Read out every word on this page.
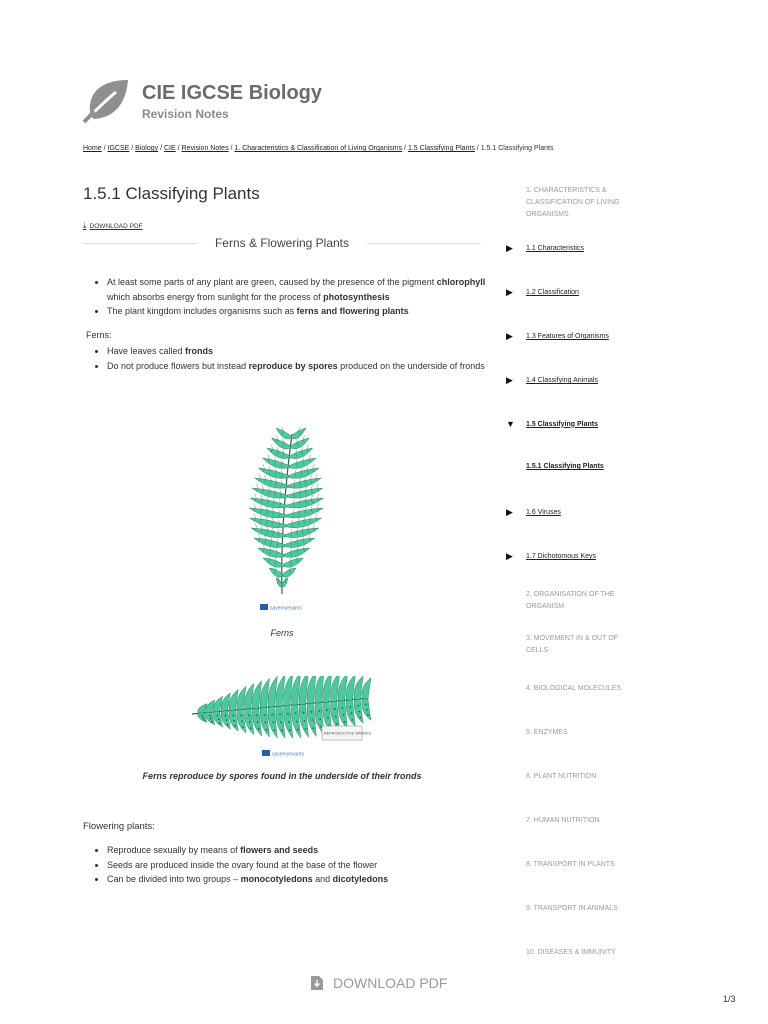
CIE IGCSE Biology
Revision Notes
Home / IGCSE / Biology / CIE / Revision Notes / 1. Characteristics & Classification of Living Organisms / 1.5 Classifying Plants / 1.5.1 Classifying Plants
1.5.1 Classifying Plants
⤓ DOWNLOAD PDF
Ferns & Flowering Plants
• At least some parts of any plant are green, caused by the presence of the pigment chlorophyll which absorbs energy from sunlight for the process of photosynthesis
• The plant kingdom includes organisms such as ferns and flowering plants
Ferns:
• Have leaves called fronds
• Do not produce flowers but instead reproduce by spores produced on the underside of fronds
savemyexams
Ferns
REPRODUCTIVE SPORES
savemyexams
Ferns reproduce by spores found in the underside of their fronds
Flowering plants:
• Reproduce sexually by means of flowers and seeds
• Seeds are produced inside the ovary found at the base of the flower
• Can be divided into two groups – monocotyledons and dicotyledons
1. CHARACTERISTICS & CLASSIFICATION OF LIVING ORGANISMS
▶	1.1 Characteristics
▶	1.2 Classification
▶	1.3 Features of Organisms
▶	1.4 Classifying Animals
▼	1.5 Classifying Plants
1.5.1 Classifying Plants
▶	1.6 Viruses
▶	1.7 Dichotomous Keys
2. ORGANISATION OF THE ORGANISM
3. MOVEMENT IN & OUT OF CELLS
4. BIOLOGICAL MOLECULES
5. ENZYMES
6. PLANT NUTRITION
7. HUMAN NUTRITION
8. TRANSPORT IN PLANTS
9. TRANSPORT IN ANIMALS
10. DISEASES & IMMUNITY
DOWNLOAD PDF
1/3
